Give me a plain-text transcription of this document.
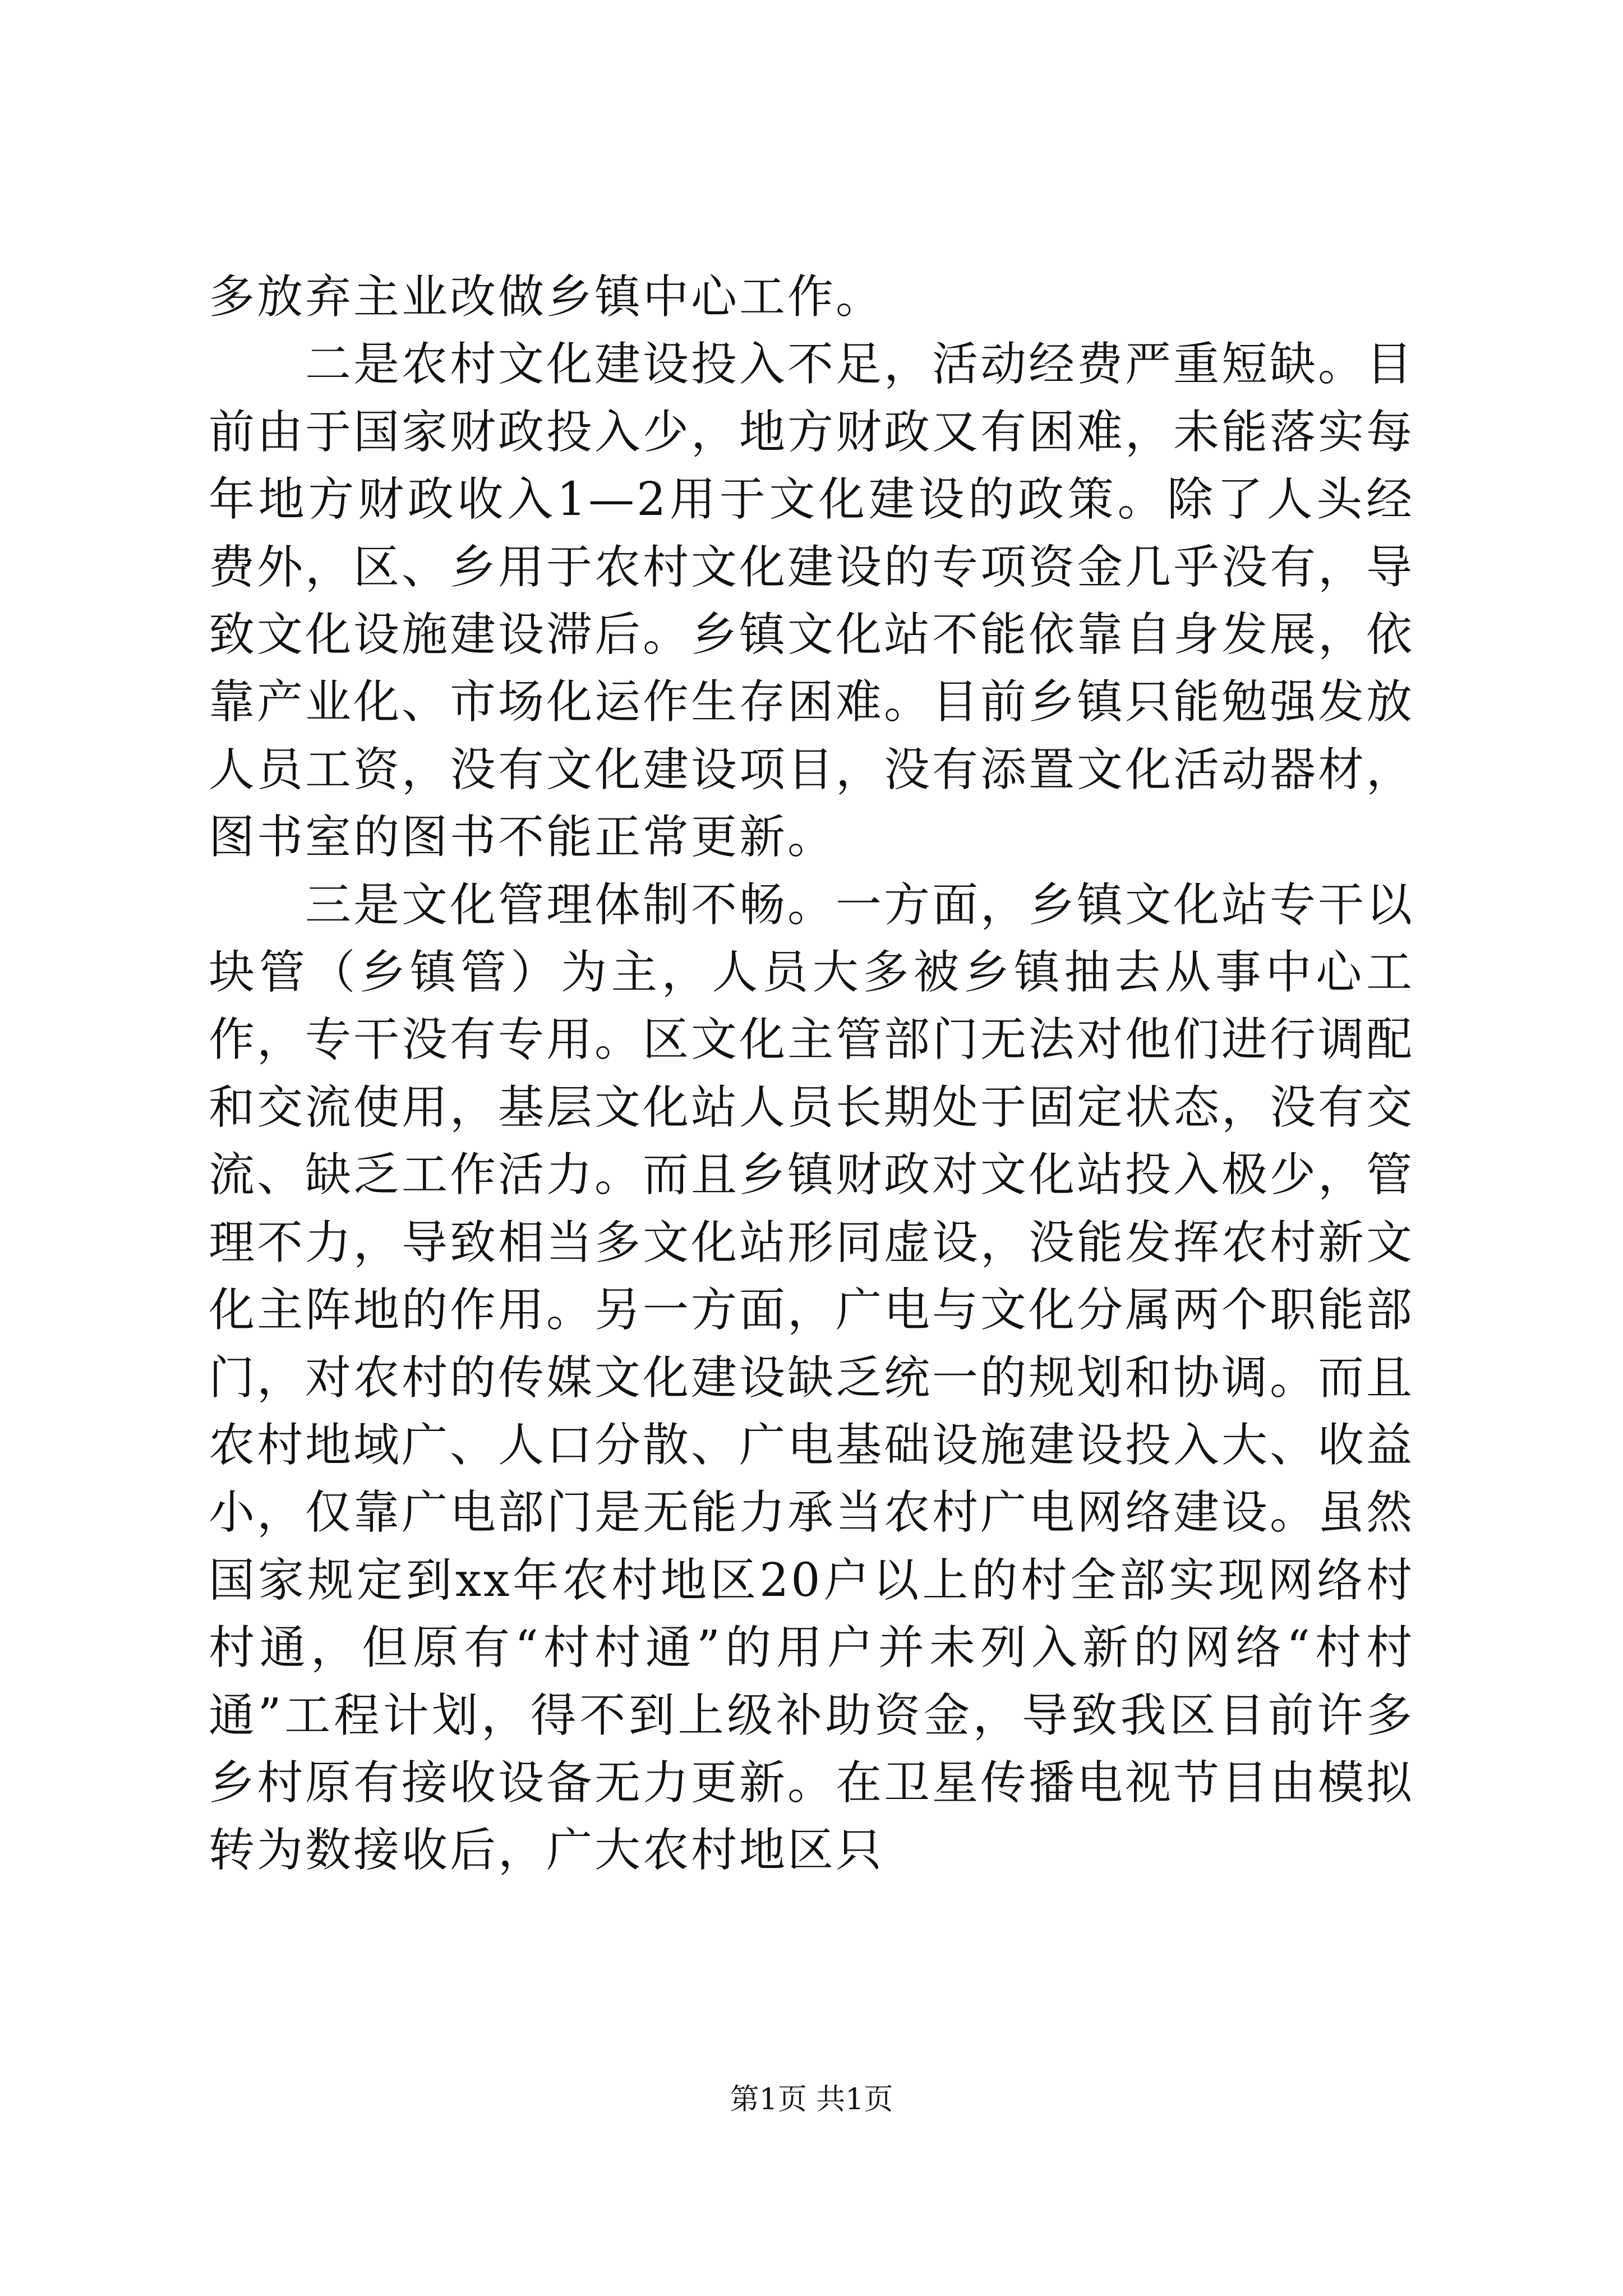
多放弃主业改做乡镇中心工作。

二是农村文化建设投入不足，活动经费严重短缺。目前由于国家财政投入少，地方财政又有困难，未能落实每年地方财政收入1—2用于文化建设的政策。除了人头经费外，区、乡用于农村文化建设的专项资金几乎没有，导致文化设施建设滞后。乡镇文化站不能依靠自身发展，依靠产业化、市场化运作生存困难。目前乡镇只能勉强发放人员工资，没有文化建设项目，没有添置文化活动器材，图书室的图书不能正常更新。

三是文化管理体制不畅。一方面，乡镇文化站专干以块管（乡镇管）为主，人员大多被乡镇抽去从事中心工作，专干没有专用。区文化主管部门无法对他们进行调配和交流使用，基层文化站人员长期处于固定状态，没有交流、缺乏工作活力。而且乡镇财政对文化站投入极少，管理不力，导致相当多文化站形同虚设，没能发挥农村新文化主阵地的作用。另一方面，广电与文化分属两个职能部门，对农村的传媒文化建设缺乏统一的规划和协调。而且农村地域广、人口分散、广电基础设施建设投入大、收益小，仅靠广电部门是无能力承当农村广电网络建设。虽然国家规定到xx年农村地区20户以上的村全部实现网络村村通，但原有“村村通”的用户并未列入新的网络“村村通”工程计划，得不到上级补助资金，导致我区目前许多乡村原有接收设备无力更新。在卫星传播电视节目由模拟转为数接收后，广大农村地区只

第1页 共1页
